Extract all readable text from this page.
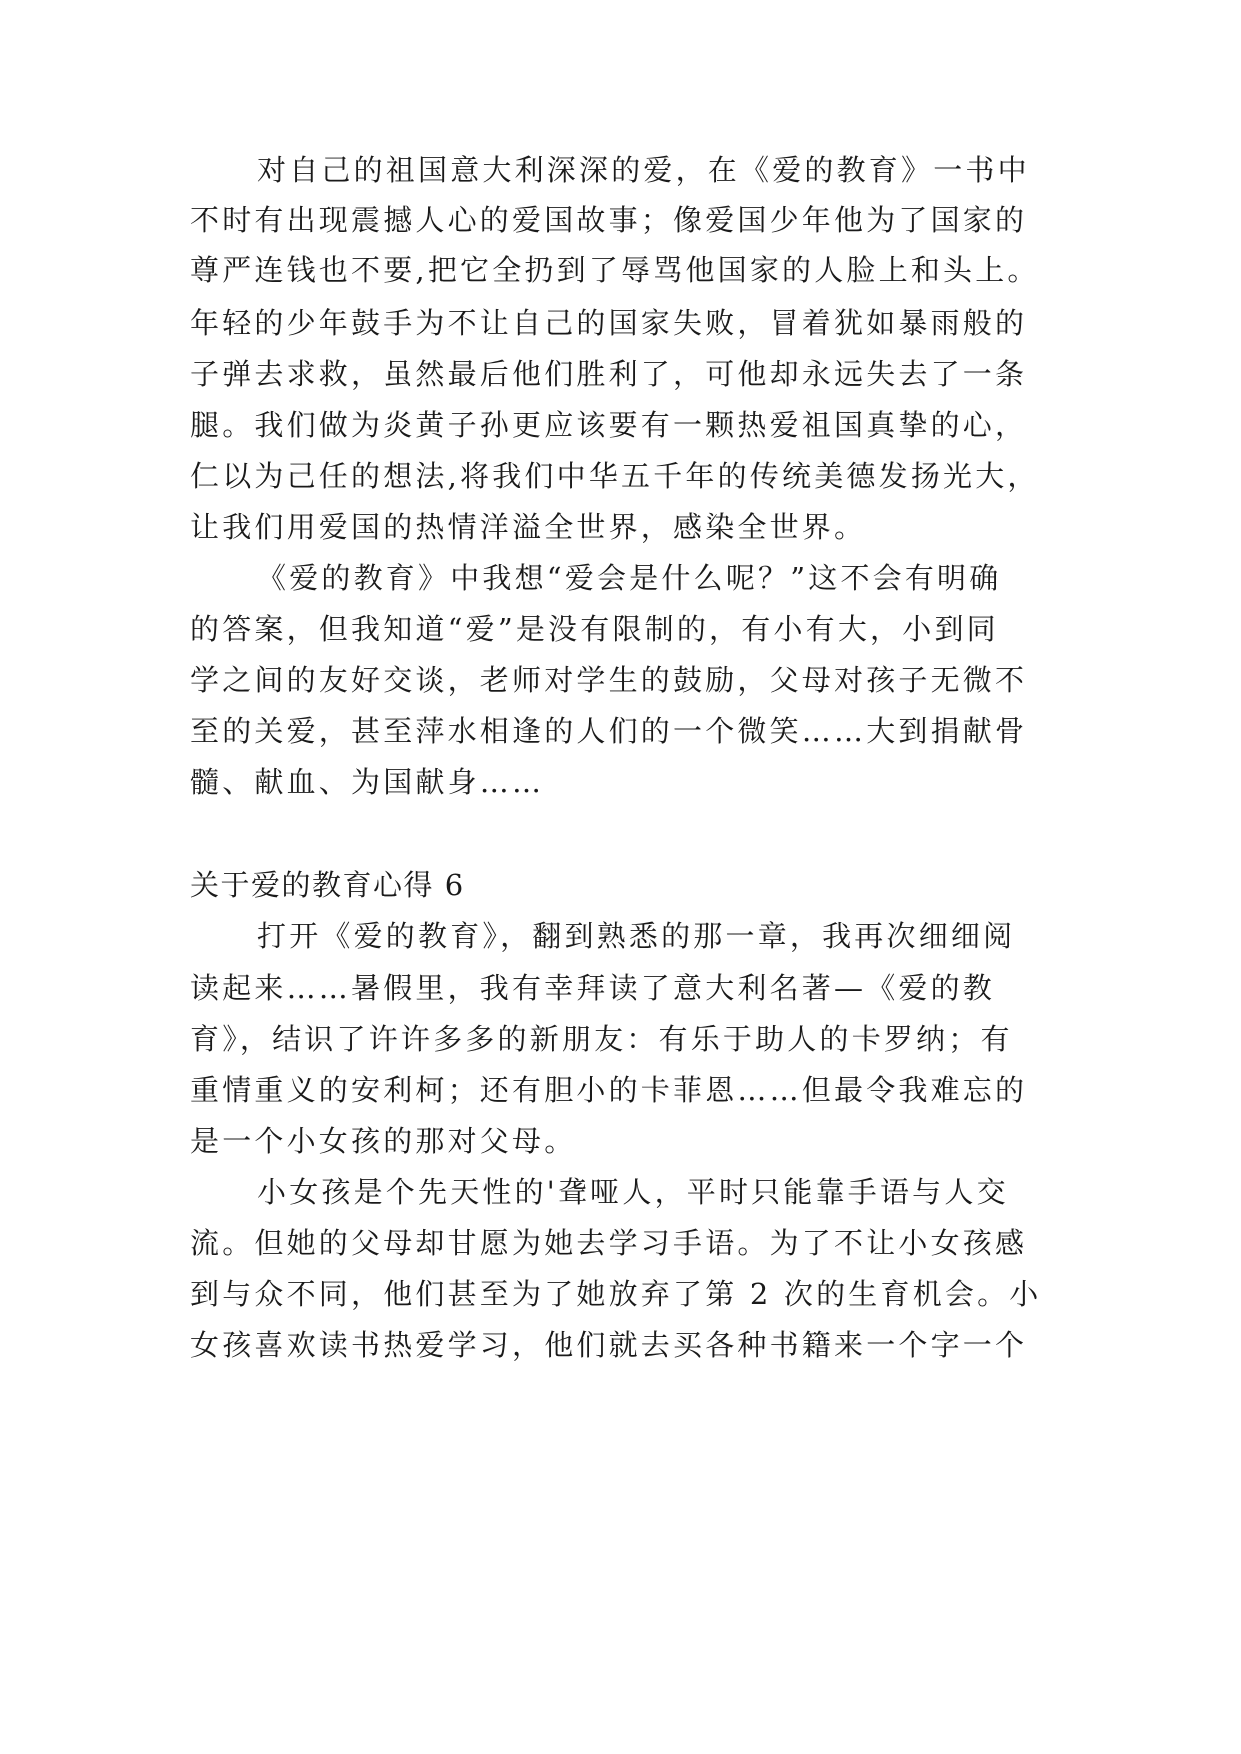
对自己的祖国意大利深深的爱，在《爱的教育》一书中
不时有出现震撼人心的爱国故事；像爱国少年他为了国家的
尊严连钱也不要,把它全扔到了辱骂他国家的人脸上和头上。
年轻的少年鼓手为不让自己的国家失败，冒着犹如暴雨般的
子弹去求救，虽然最后他们胜利了，可他却永远失去了一条
腿。我们做为炎黄子孙更应该要有一颗热爱祖国真挚的心，
仁以为己任的想法,将我们中华五千年的传统美德发扬光大，
让我们用爱国的热情洋溢全世界，感染全世界。
《爱的教育》中我想“爱会是什么呢？”这不会有明确
的答案，但我知道“爱”是没有限制的，有小有大，小到同
学之间的友好交谈，老师对学生的鼓励，父母对孩子无微不
至的关爱，甚至萍水相逢的人们的一个微笑……大到捐献骨
髓、献血、为国献身……
关于爱的教育心得 6
打开《爱的教育》，翻到熟悉的那一章，我再次细细阅
读起来……暑假里，我有幸拜读了意大利名著—《爱的教
育》，结识了许许多多的新朋友：有乐于助人的卡罗纳；有
重情重义的安利柯；还有胆小的卡菲恩……但最令我难忘的
是一个小女孩的那对父母。
小女孩是个先天性的'聋哑人，平时只能靠手语与人交
流。但她的父母却甘愿为她去学习手语。为了不让小女孩感
到与众不同，他们甚至为了她放弃了第 2 次的生育机会。小
女孩喜欢读书热爱学习，他们就去买各种书籍来一个字一个
